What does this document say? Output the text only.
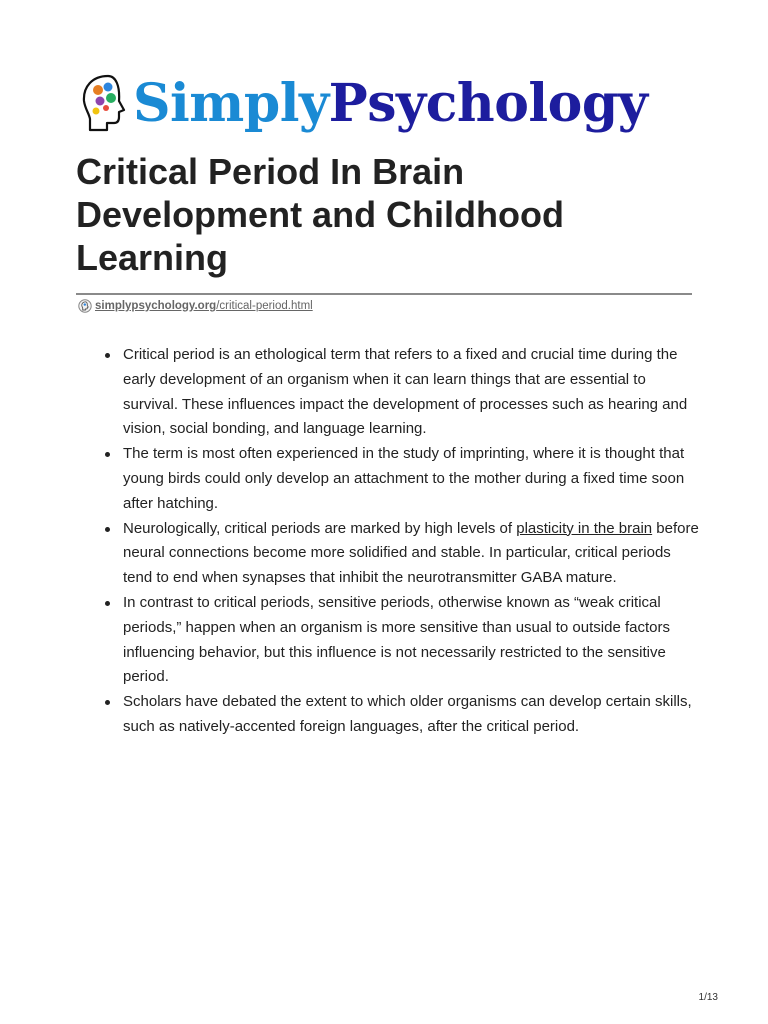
SimplyPsychology
Critical Period In Brain Development and Childhood Learning
simplypsychology.org/critical-period.html
Critical period is an ethological term that refers to a fixed and crucial time during the early development of an organism when it can learn things that are essential to survival. These influences impact the development of processes such as hearing and vision, social bonding, and language learning.
The term is most often experienced in the study of imprinting, where it is thought that young birds could only develop an attachment to the mother during a fixed time soon after hatching.
Neurologically, critical periods are marked by high levels of plasticity in the brain before neural connections become more solidified and stable. In particular, critical periods tend to end when synapses that inhibit the neurotransmitter GABA mature.
In contrast to critical periods, sensitive periods, otherwise known as “weak critical periods,” happen when an organism is more sensitive than usual to outside factors influencing behavior, but this influence is not necessarily restricted to the sensitive period.
Scholars have debated the extent to which older organisms can develop certain skills, such as natively-accented foreign languages, after the critical period.
1/13
